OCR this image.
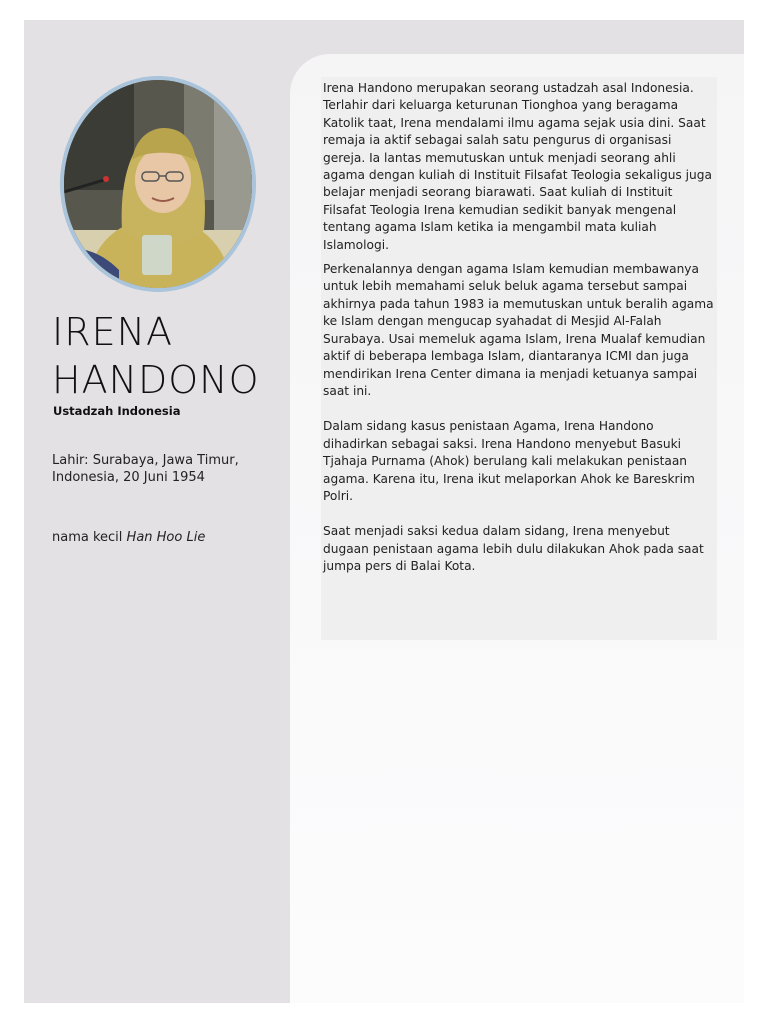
IRENA
HANDONO
Ustadzah Indonesia
Lahir: Surabaya, Jawa Timur, Indonesia, 20 Juni 1954
nama kecil Han Hoo Lie

Irena Handono merupakan seorang ustadzah asal Indonesia. Terlahir dari keluarga keturunan Tionghoa yang beragama Katolik taat, Irena mendalami ilmu agama sejak usia dini. Saat remaja ia aktif sebagai salah satu pengurus di organisasi gereja. Ia lantas memutuskan untuk menjadi seorang ahli agama dengan kuliah di Instituit Filsafat Teologia sekaligus juga belajar menjadi seorang biarawati. Saat kuliah di Instituit Filsafat Teologia Irena kemudian sedikit banyak mengenal tentang agama Islam ketika ia mengambil mata kuliah Islamologi.

Perkenalannya dengan agama Islam kemudian membawanya untuk lebih memahami seluk beluk agama tersebut sampai akhirnya pada tahun 1983 ia memutuskan untuk beralih agama ke Islam dengan mengucap syahadat di Mesjid Al-Falah Surabaya. Usai memeluk agama Islam, Irena Mualaf kemudian aktif di beberapa lembaga Islam, diantaranya ICMI dan juga mendirikan Irena Center dimana ia menjadi ketuanya sampai saat ini.

Dalam sidang kasus penistaan Agama, Irena Handono dihadirkan sebagai saksi. Irena Handono menyebut Basuki Tjahaja Purnama (Ahok) berulang kali melakukan penistaan agama. Karena itu, Irena ikut melaporkan Ahok ke Bareskrim Polri.

Saat menjadi saksi kedua dalam sidang, Irena menyebut dugaan penistaan agama lebih dulu dilakukan Ahok pada saat jumpa pers di Balai Kota.
